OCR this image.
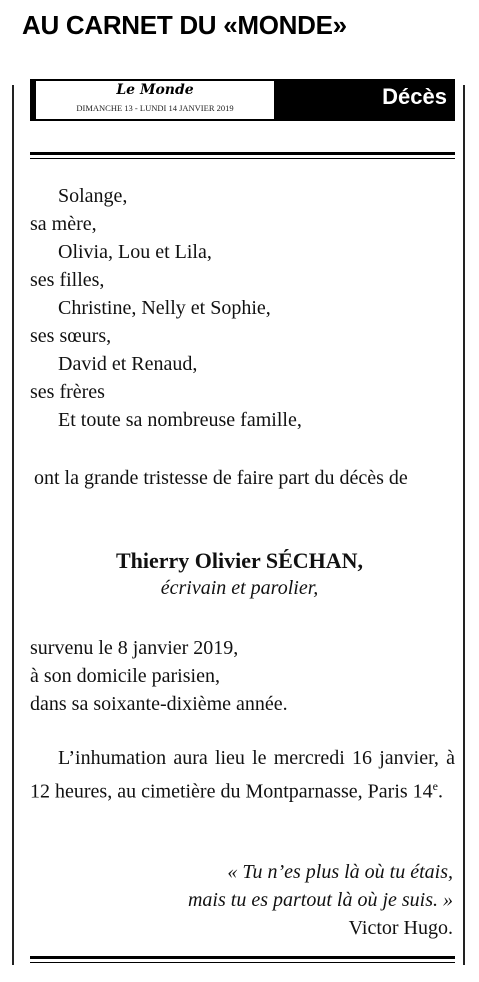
AU CARNET DU «MONDE»
Le Monde
DIMANCHE 13 - LUNDI 14 JANVIER 2019	Décès
Solange,
sa mère,
Olivia, Lou et Lila,
ses filles,
Christine, Nelly et Sophie,
ses sœurs,
David et Renaud,
ses frères
Et toute sa nombreuse famille,
ont la grande tristesse de faire part du décès de
Thierry Olivier SÉCHAN,
écrivain et parolier,
survenu le 8 janvier 2019,
à son domicile parisien,
dans sa soixante-dixième année.
L’inhumation aura lieu le mercredi 16 janvier, à 12 heures, au cimetière du Montparnasse, Paris 14e.
« Tu n’es plus là où tu étais,
mais tu es partout là où je suis. »
Victor Hugo.
